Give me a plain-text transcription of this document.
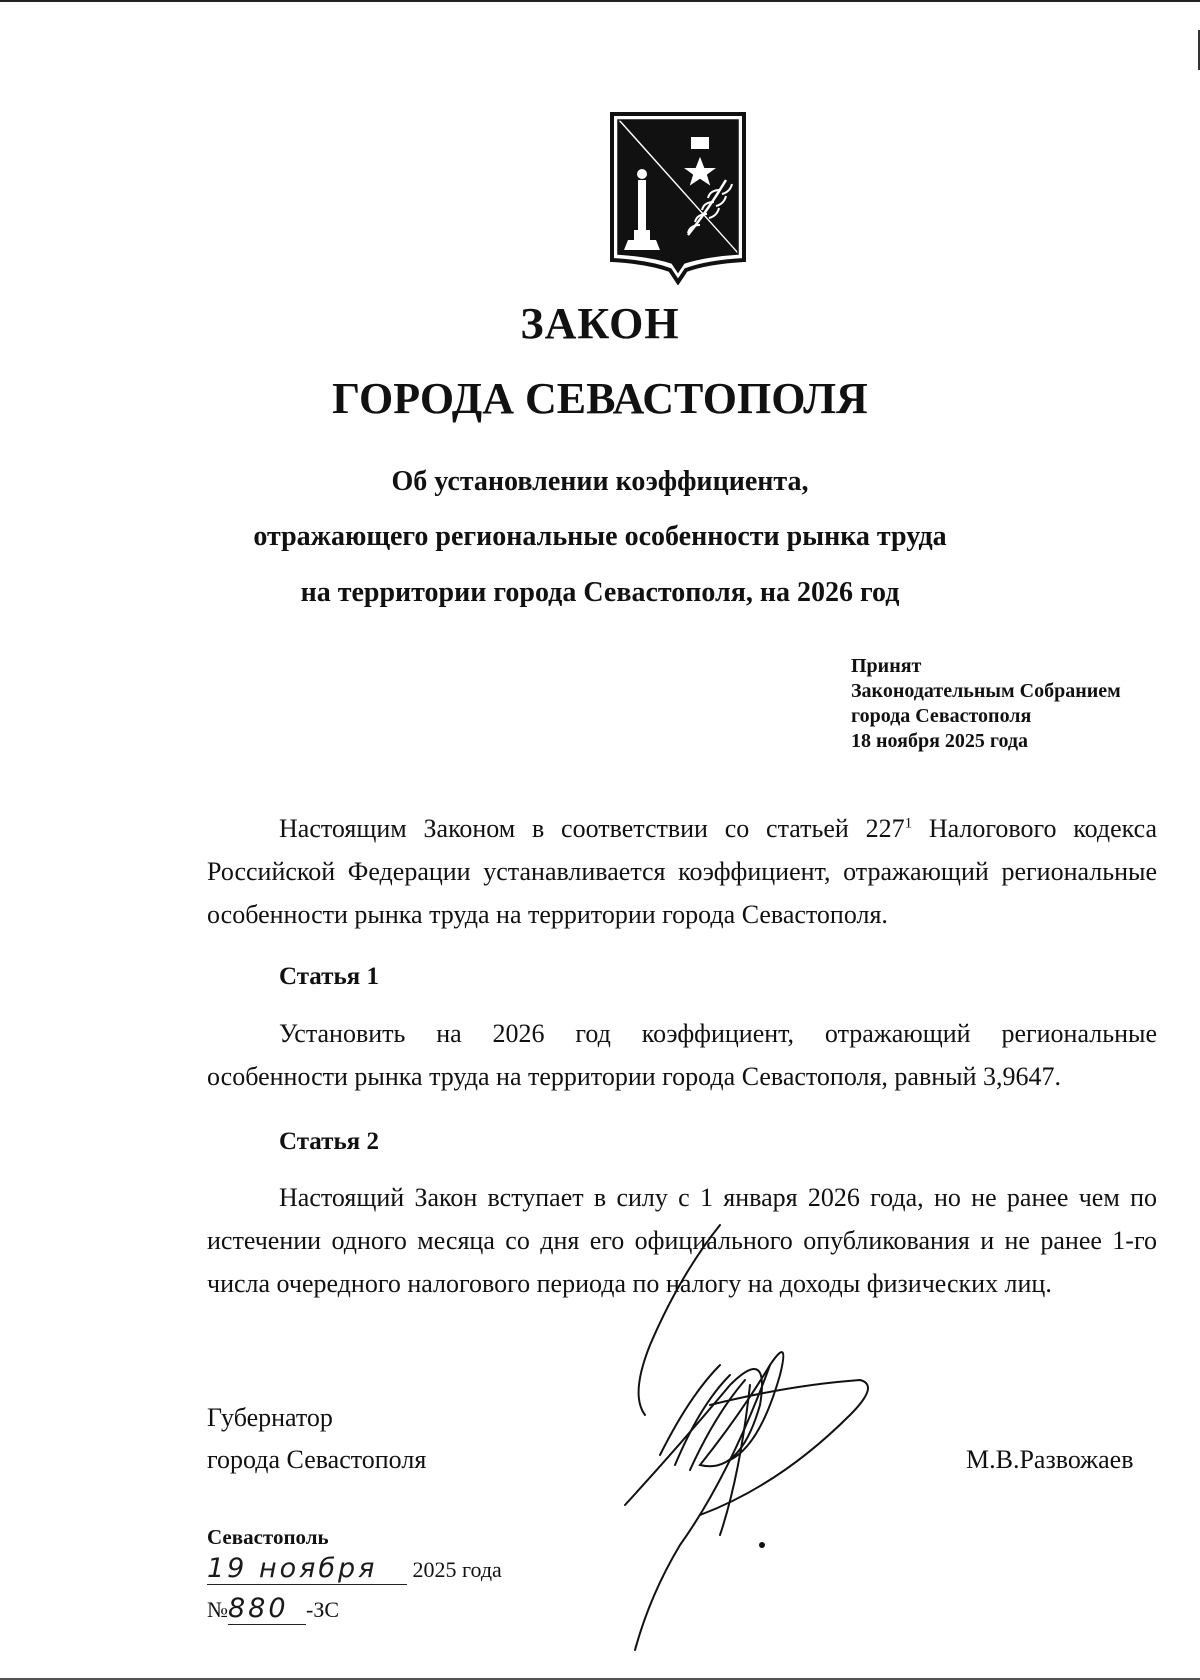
ЗАКОН
ГОРОДА СЕВАСТОПОЛЯ
Об установлении коэффициента,
отражающего региональные особенности рынка труда
на территории города Севастополя, на 2026 год
Принят
Законодательным Собранием
города Севастополя
18 ноября 2025 года
Настоящим Законом в соответствии со статьей $227^1$ Налогового кодекса Российской Федерации устанавливается коэффициент, отражающий региональные особенности рынка труда на территории города Севастополя.
Статья 1
Установить на 2026 год коэффициент, отражающий региональные особенности рынка труда на территории города Севастополя, равный 3,9647.
Статья 2
Настоящий Закон вступает в силу с 1 января 2026 года, но не ранее чем по истечении одного месяца со дня его официального опубликования и не ранее 1-го числа очередного налогового периода по налогу на доходы физических лиц.
Губернатор
города Севастополя	М.В.Развожаев
Севастополь
19 ноября 2025 года
№880 -ЗС
